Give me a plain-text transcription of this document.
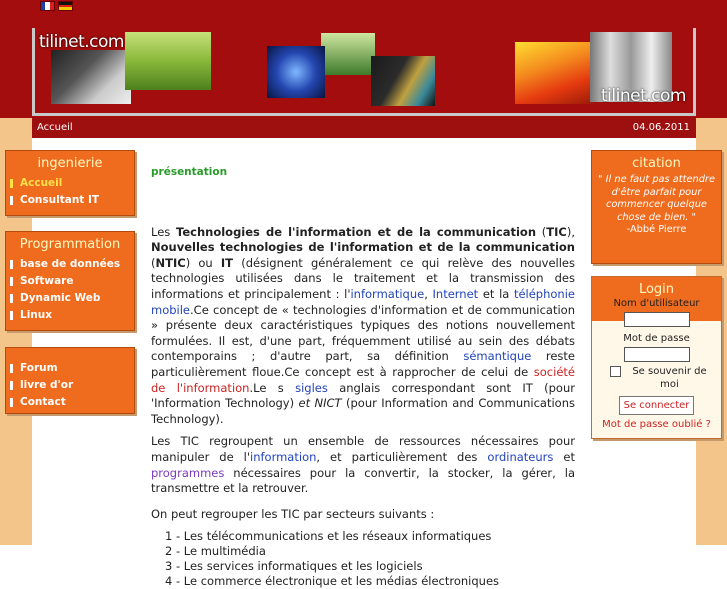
tilinet.com
tilinet.com
Accueil	04.06.2011
ingenierie
Accueil
Consultant IT
Programmation
base de données
Software
Dynamic Web
Linux
Forum
livre d'or
Contact
présentation

Les Technologies de l'information et de la communication (TIC), Nouvelles technologies de l'information et de la communication (NTIC) ou IT (désignent généralement ce qui relève des nouvelles technologies utilisées dans le traitement et la transmission des informations et principalement : l'informatique, Internet et la téléphonie mobile.Ce concept de « technologies d'information et de communication » présente deux caractéristiques typiques des notions nouvellement formulées. Il est, d'une part, fréquemment utilisé au sein des débats contemporains ; d'autre part, sa définition sémantique reste particulièrement floue.Ce concept est à rapprocher de celui de société de l'information.Le s sigles anglais correspondant sont IT (pour 'Information Technology) et NICT (pour Information and Communications Technology).

Les TIC regroupent un ensemble de ressources nécessaires pour manipuler de l'information, et particulièrement des ordinateurs et programmes nécessaires pour la convertir, la stocker, la gérer, la transmettre et la retrouver.

On peut regrouper les TIC par secteurs suivants :

1 - Les télécommunications et les réseaux informatiques
2 - Le multimédia
3 - Les services informatiques et les logiciels
4 - Le commerce électronique et les médias électroniques
citation
" Il ne faut pas attendre d'être parfait pour commencer quelque chose de bien. "
-Abbé Pierre
Login
Nom d'utilisateur
Mot de passe
Se souvenir de moi
Se connecter
Mot de passe oublié ?
